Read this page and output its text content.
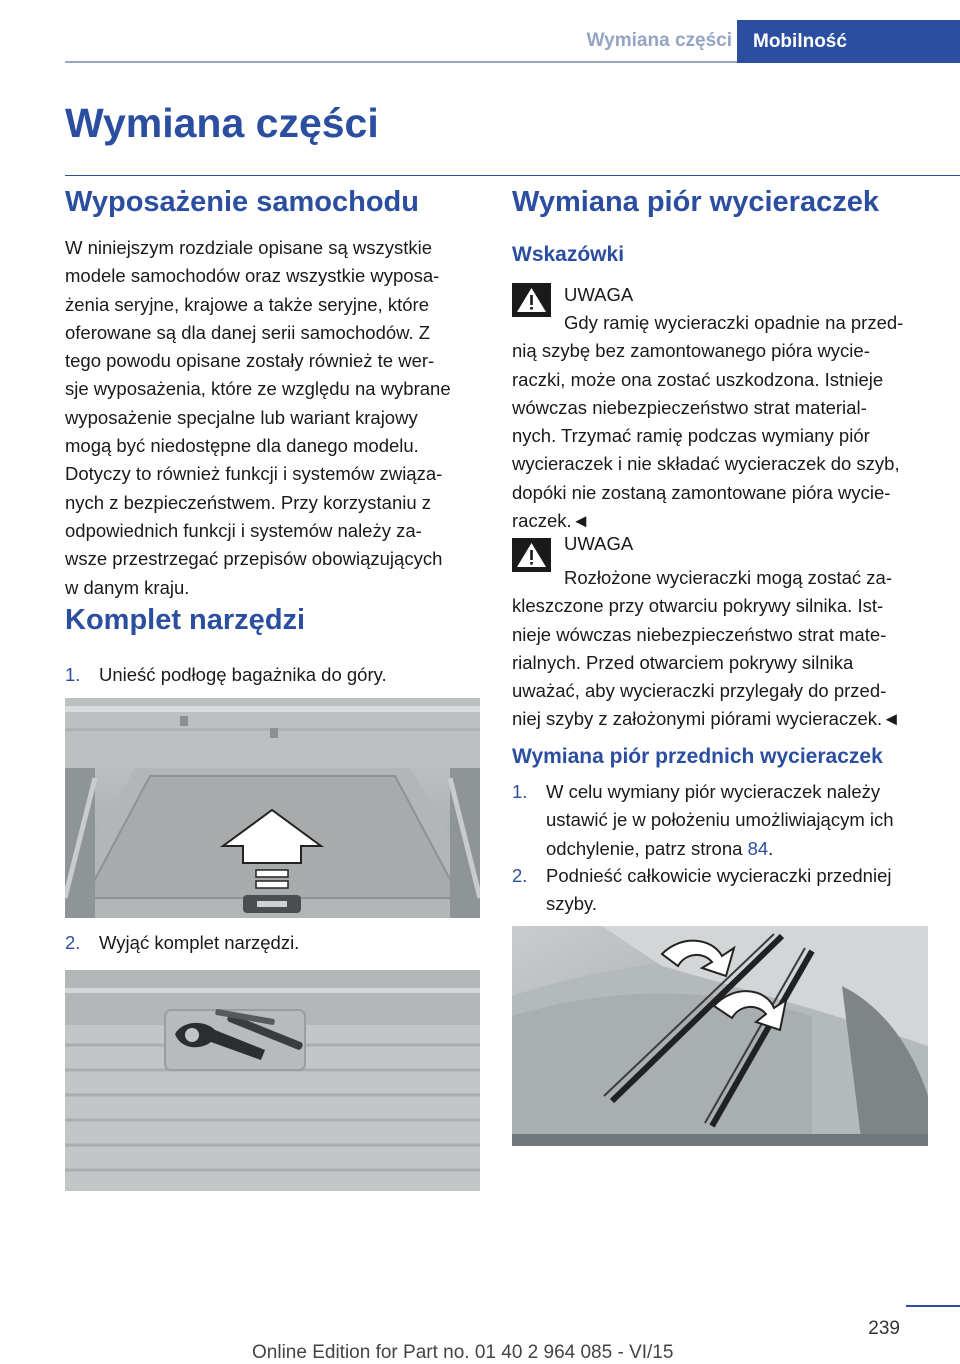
Wymiana części	Mobilność
Wymiana części
Wyposażenie samochodu
W niniejszym rozdziale opisane są wszystkie
modele samochodów oraz wszystkie wyposa‐
żenia seryjne, krajowe a także seryjne, które
oferowane są dla danej serii samochodów. Z
tego powodu opisane zostały również te wer‐
sje wyposażenia, które ze względu na wybrane
wyposażenie specjalne lub wariant krajowy
mogą być niedostępne dla danego modelu.
Dotyczy to również funkcji i systemów związa‐
nych z bezpieczeństwem. Przy korzystaniu z
odpowiednich funkcji i systemów należy za‐
wsze przestrzegać przepisów obowiązujących
w danym kraju.
Komplet narzędzi
1.	Unieść podłogę bagażnika do góry.
2.	Wyjąć komplet narzędzi.
Wymiana piór wycieraczek
Wskazówki
UWAGA
Gdy ramię wycieraczki opadnie na przed‐
nią szybę bez zamontowanego pióra wycie‐
raczki, może ona zostać uszkodzona. Istnieje
wówczas niebezpieczeństwo strat material‐
nych. Trzymać ramię podczas wymiany piór
wycieraczek i nie składać wycieraczek do szyb,
dopóki nie zostaną zamontowane pióra wycie‐
raczek.◄
UWAGA
Rozłożone wycieraczki mogą zostać za‐
kleszczone przy otwarciu pokrywy silnika. Ist‐
nieje wówczas niebezpieczeństwo strat mate‐
rialnych. Przed otwarciem pokrywy silnika
uważać, aby wycieraczki przylegały do przed‐
niej szyby z założonymi piórami wycieraczek.◄
Wymiana piór przednich wycieraczek
1. W celu wymiany piór wycieraczek należy
ustawić je w położeniu umożliwiającym ich
odchylenie, patrz strona 84.
2. Podnieść całkowicie wycieraczki przedniej
szyby.
239
Online Edition for Part no. 01 40 2 964 085 - VI/15
